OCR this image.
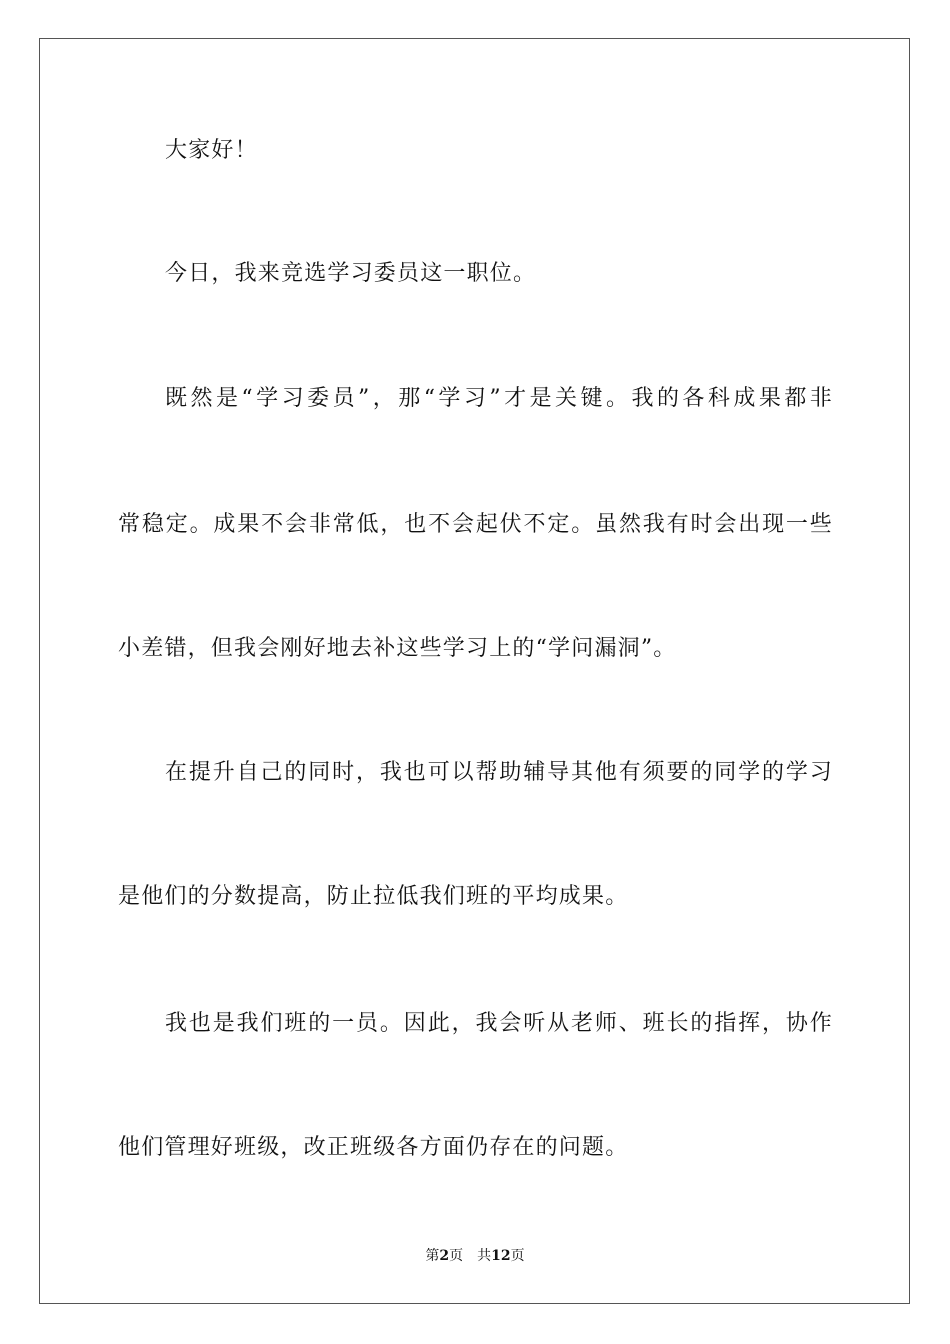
大家好！
今日，我来竞选学习委员这一职位。
既然是“学习委员”，那“学习”才是关键。我的各科成果都非
常稳定。成果不会非常低，也不会起伏不定。虽然我有时会出现一些
小差错，但我会刚好地去补这些学习上的“学问漏洞”。
在提升自己的同时，我也可以帮助辅导其他有须要的同学的学习
是他们的分数提高，防止拉低我们班的平均成果。
我也是我们班的一员。因此，我会听从老师、班长的指挥，协作
他们管理好班级，改正班级各方面仍存在的问题。
第2页 共12页
